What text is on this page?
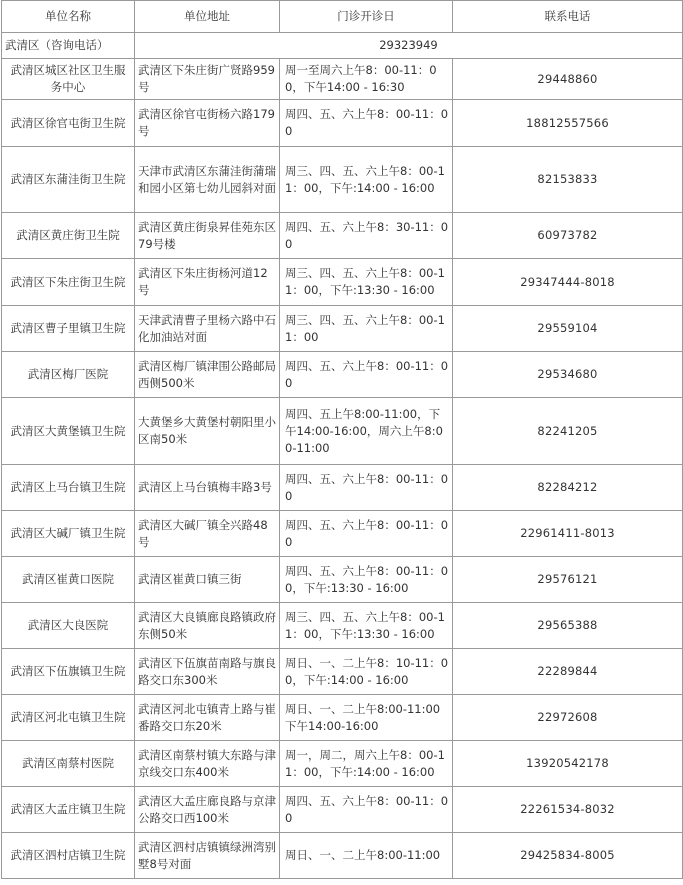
单位名称	单位地址	门诊开诊日	联系电话
武清区（咨询电话）	29323949		
武清区城区社区卫生服务中心	武清区下朱庄街广贤路959号	周一至周六上午8：00-11：00，下午14:00 - 16:30	29448860
武清区徐官屯街卫生院	武清区徐官屯街杨六路179号	周四、五、六上午8：00-11：00	18812557566
武清区东蒲洼街卫生院	天津市武清区东蒲洼街蒲瑞和园小区第七幼儿园斜对面	周三、四、五、六上午8：00-11：00，下午:14:00 - 16:00	82153833
武清区黄庄街卫生院	武清区黄庄街泉昇佳苑东区79号楼	周四、五、六上午8：30-11：00	60973782
武清区下朱庄街卫生院	武清区下朱庄街杨河道12号	周三、四、五、六上午8：00-11：00，下午:13:30 - 16:00	29347444-8018
武清区曹子里镇卫生院	天津武清曹子里杨六路中石化加油站对面	周三、四、五、六上午8：00-11：00	29559104
武清区梅厂医院	武清区梅厂镇津围公路邮局西侧500米	周四、五、六上午8：00-11：00	29534680
武清区大黄堡镇卫生院	大黄堡乡大黄堡村朝阳里小区南50米	周四、五上午8:00-11:00，下午14:00-16:00，周六上午8:00-11:00	82241205
武清区上马台镇卫生院	武清区上马台镇梅丰路3号	周四、五、六上午8：00-11：00	82284212
武清区大碱厂镇卫生院	武清区大碱厂镇全兴路48号	周四、五、六上午8：00-11：00	22961411-8013
武清区崔黄口医院	武清区崔黄口镇三街	周四、五、六上午8：00-11：00，下午:13:30 - 16:00	29576121
武清区大良医院	武清区大良镇廊良路镇政府东侧50米	周三、四、五、六上午8：00-11：00，下午:13:30 - 16:00	29565388
武清区下伍旗镇卫生院	武清区下伍旗苗南路与旗良路交口东300米	周日、一、二上午8：10-11：00，下午:14:00 - 16:00	22289844
武清区河北屯镇卫生院	武清区河北屯镇青上路与崔番路交口东20米	周日、一、二上午8:00-11:00下午14:00-16:00	22972608
武清区南蔡村医院	武清区南蔡村镇大东路与津京线交口东400米	周一，周二，周六上午8：00-11：00，下午:14:00 - 16:00	13920542178
武清区大孟庄镇卫生院	武清区大孟庄廊良路与京津公路交口西100米	周四、五、六上午8：00-11：00	22261534-8032
武清区泗村店镇卫生院	武清区泗村店镇镇绿洲湾别墅8号对面	周日、一、二上午8:00-11:00	29425834-8005
